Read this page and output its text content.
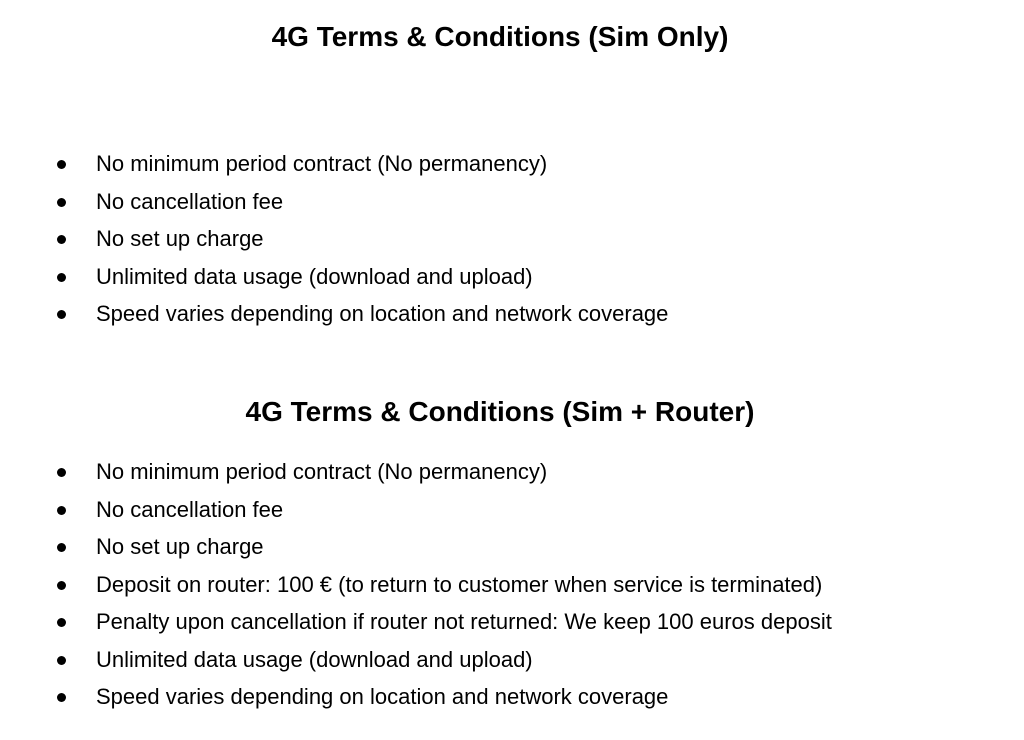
4G Terms & Conditions (Sim Only)
No minimum period contract (No permanency)
No cancellation fee
No set up charge
Unlimited data usage (download and upload)
Speed varies depending on location and network coverage
4G Terms & Conditions (Sim + Router)
No minimum period contract (No permanency)
No cancellation fee
No set up charge
Deposit on router: 100 € (to return to customer when service is terminated)
Penalty upon cancellation if router not returned: We keep 100 euros deposit
Unlimited data usage (download and upload)
Speed varies depending on location and network coverage
